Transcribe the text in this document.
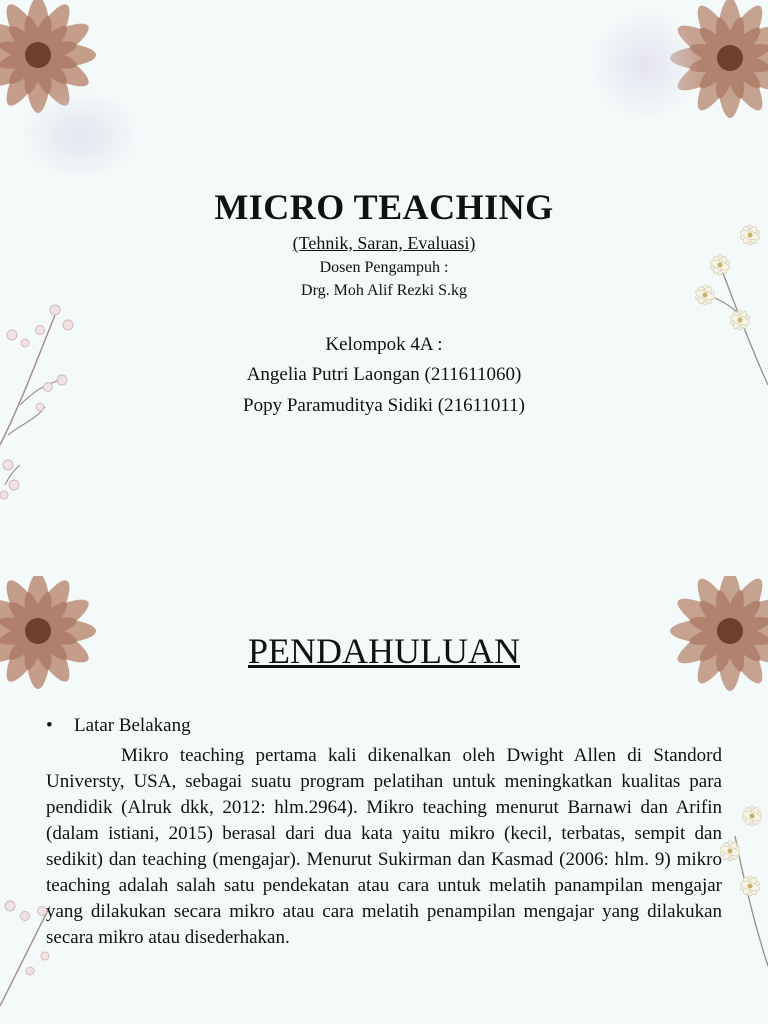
MICRO TEACHING

(Tehnik, Saran, Evaluasi)

Dosen Pengampuh :

Drg. Moh Alif Rezki S.kg

Kelompok 4A :

Angelia Putri Laongan (211611060)

Popy Paramuditya Sidiki (21611011)

PENDAHULUAN
• Latar Belakang

Mikro teaching pertama kali dikenalkan oleh Dwight Allen di Standord Universty, USA, sebagai suatu program pelatihan untuk meningkatkan kualitas para pendidik (Alruk dkk, 2012: hlm.2964). Mikro teaching menurut Barnawi dan Arifin (dalam istiani, 2015) berasal dari dua kata yaitu mikro (kecil, terbatas, sempit dan sedikit) dan teaching (mengajar). Menurut Sukirman dan Kasmad (2006: hlm. 9) mikro teaching adalah salah satu pendekatan atau cara untuk melatih panampilan mengajar yang dilakukan secara mikro atau cara melatih penampilan mengajar yang dilakukan secara mikro atau disederhakan.
